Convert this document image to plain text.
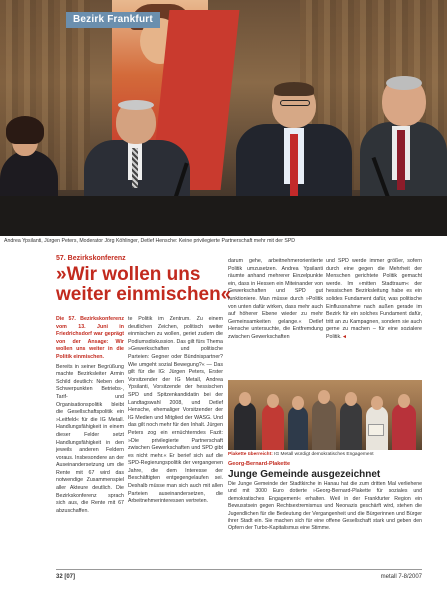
Bezirk Frankfurt
Andrea Ypsilanti, Jürgen Peters, Moderator Jörg Köhlinger, Detlef Hensche: Keine privilegierte Partnerschaft mehr mit der SPD
57. Bezirkskonferenz
»Wir wollen uns weiter einmischen«

Die 57. Bezirkskonferenz vom 13. Juni in Friedrichsdorf war geprägt von der Ansage: Wir wollen uns weiter in die Politik einmischen.

Bereits in seiner Begrüßung machte Bezirksleiter Armin Schild deutlich: Neben den Schwerpunkten Betriebs-, Tarif- und Organisationspolitik bleibt die Gesellschaftspolitik ein »Leitfeld« für die IG Metall. Handlungsfähigkeit in einem dieser Felder setzt Handlungsfähigkeit in den jeweils anderen Feldern voraus. Insbesondere an der Auseinandersetzung um die Rente mit 67 wird das notwendige Zusammenspiel aller Akteure deutlich. Die Bezirkskonferenz sprach sich aus, die Rente mit 67 abzuschaffen.

te Politik im Zentrum. Zu einem deutlichen Zeichen, politisch weiter einmischen zu wollen, geriet zudem die Podiumsdiskussion. Das gilt fürs Thema »Gewerkschaften und politische Parteien: Gegner oder Bündnispartner? Wie umgeht sozial Bewegung?« — Das gilt für die IG: Jürgen Peters, Erster Vorsitzender der IG Metall, Andrea Ypsilanti, Vorsitzende der hessischen SPD und Spitzenkandidatin bei der Landtagswahl 2008, und Detlef Hensche, ehemaliger Vorsitzender der IG Medien und Mitglied der WASG. Und das gilt noch mehr für den Inhalt. Jürgen Peters zog ein ernüchterndes Fazit: »Die privilegierte Partnerschaft zwischen Gewerkschaften und SPD gibt es nicht mehr.« Er berief sich auf die SPD-Regierungspolitik der vergangenen Jahre, die dem Interesse der Beschäftigten entgegengelaufen sei. Deshalb müsse man sich auch mit allen Parteien auseinandersetzen, die Arbeitnehmerinteressen vertreten.

darum gehe, arbeitnehmerorientierte Politik umzusetzen. Andrea Ypsilanti räumte anhand mehrerer Einzelpunkte ein, dass in Hessen ein Miteinander von Gewerkschaften und SPD gut funktioniere. Man müsse durch »Politik von unten dafür wirken, dass mehr auch auf höherer Ebene wieder zu mehr Gemeinsamkeiten gelange.« Detlef Hensche untersuchte, die Entfremdung zwischen Gewerkschaften

und SPD werde immer größer, sofern durch eine gegen die Mehrheit der Menschen gerichtete Politik gemacht werde. Im »mitten Stadtraum« der hessischen Bezirksleitung habe es ein solides Fundament dafür, was politische Einflussnahme nach außen gerade im Bezirk für ein solches Fundament dafür, tritt an zu Kampagnen, sondern sie auch gerne zu machen – für eine sozialere Politik. ◂

Plakette überreicht: IG Metall würdigt demokratisches Engagement
Georg-Bernard-Plakette
Junge Gemeinde ausgezeichnet
Die Junge Gemeinde der Stadtkirche in Hanau hat die zum dritten Mal verliehene und mit 3000 Euro dotierte »Georg-Bernard-Plakette für soziales und demokratisches Engagement« erhalten. Weil in der Frankfurter Region ein Bewusstsein gegen Rechtsextremismus und Neonazis geschärft wird, stehen die Jugendlichen für die Bedeutung der Vergangenheit und die Bürgerinnen und Bürger ihrer Stadt ein. Sie machen sich für eine offene Gesellschaft stark und geben den Opfern der Turbo-Kapitalismus eine Stimme.
32 [07]	metall 7-8/2007
